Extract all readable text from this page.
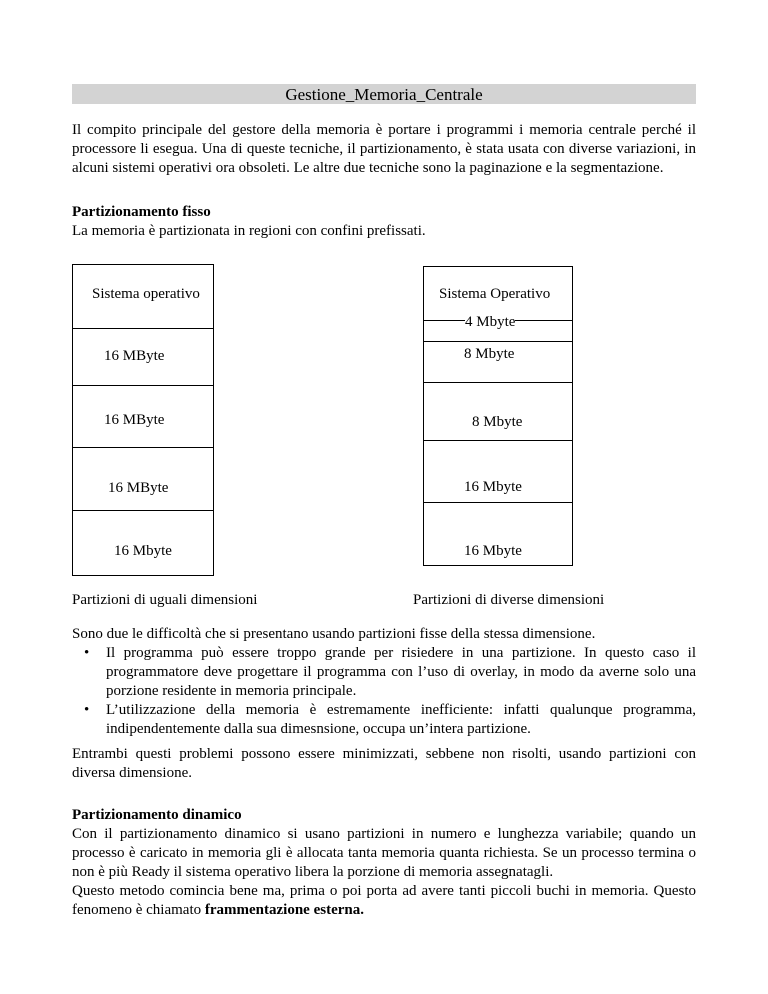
Gestione_Memoria_Centrale

Il compito principale del gestore della memoria è portare i programmi i memoria centrale perché il processore li esegua. Una di queste tecniche, il partizionamento, è stata usata con diverse variazioni, in alcuni sistemi operativi ora obsoleti. Le altre due tecniche sono la paginazione e la segmentazione.

Partizionamento fisso

La memoria è partizionata in regioni con confini prefissati.

Sistema operativo
16 MByte
16 MByte
16 MByte
16 Mbyte
Sistema Operativo
4 Mbyte
8 Mbyte
8 Mbyte
16 Mbyte
16 Mbyte
Partizioni di uguali dimensioni	Partizioni di diverse dimensioni

Sono due le difficoltà che si presentano usando partizioni fisse della stessa dimensione.

• Il programma può essere troppo grande per risiedere in una partizione. In questo caso il programmatore deve progettare il programma con l’uso di overlay, in modo da averne solo una porzione residente in memoria principale.
• L’utilizzazione della memoria è estremamente inefficiente: infatti qualunque programma, indipendentemente dalla sua dimesnsione, occupa un’intera partizione.

Entrambi questi problemi possono essere minimizzati, sebbene non risolti, usando partizioni con diversa dimensione.

Partizionamento dinamico

Con il partizionamento dinamico si usano partizioni in numero e lunghezza variabile; quando un processo è caricato in memoria gli è allocata tanta memoria quanta richiesta. Se un processo termina o non è più Ready il sistema operativo libera la porzione di memoria assegnatagli.

Questo metodo comincia bene ma, prima o poi porta ad avere tanti piccoli buchi in memoria. Questo fenomeno è chiamato frammentazione esterna.
